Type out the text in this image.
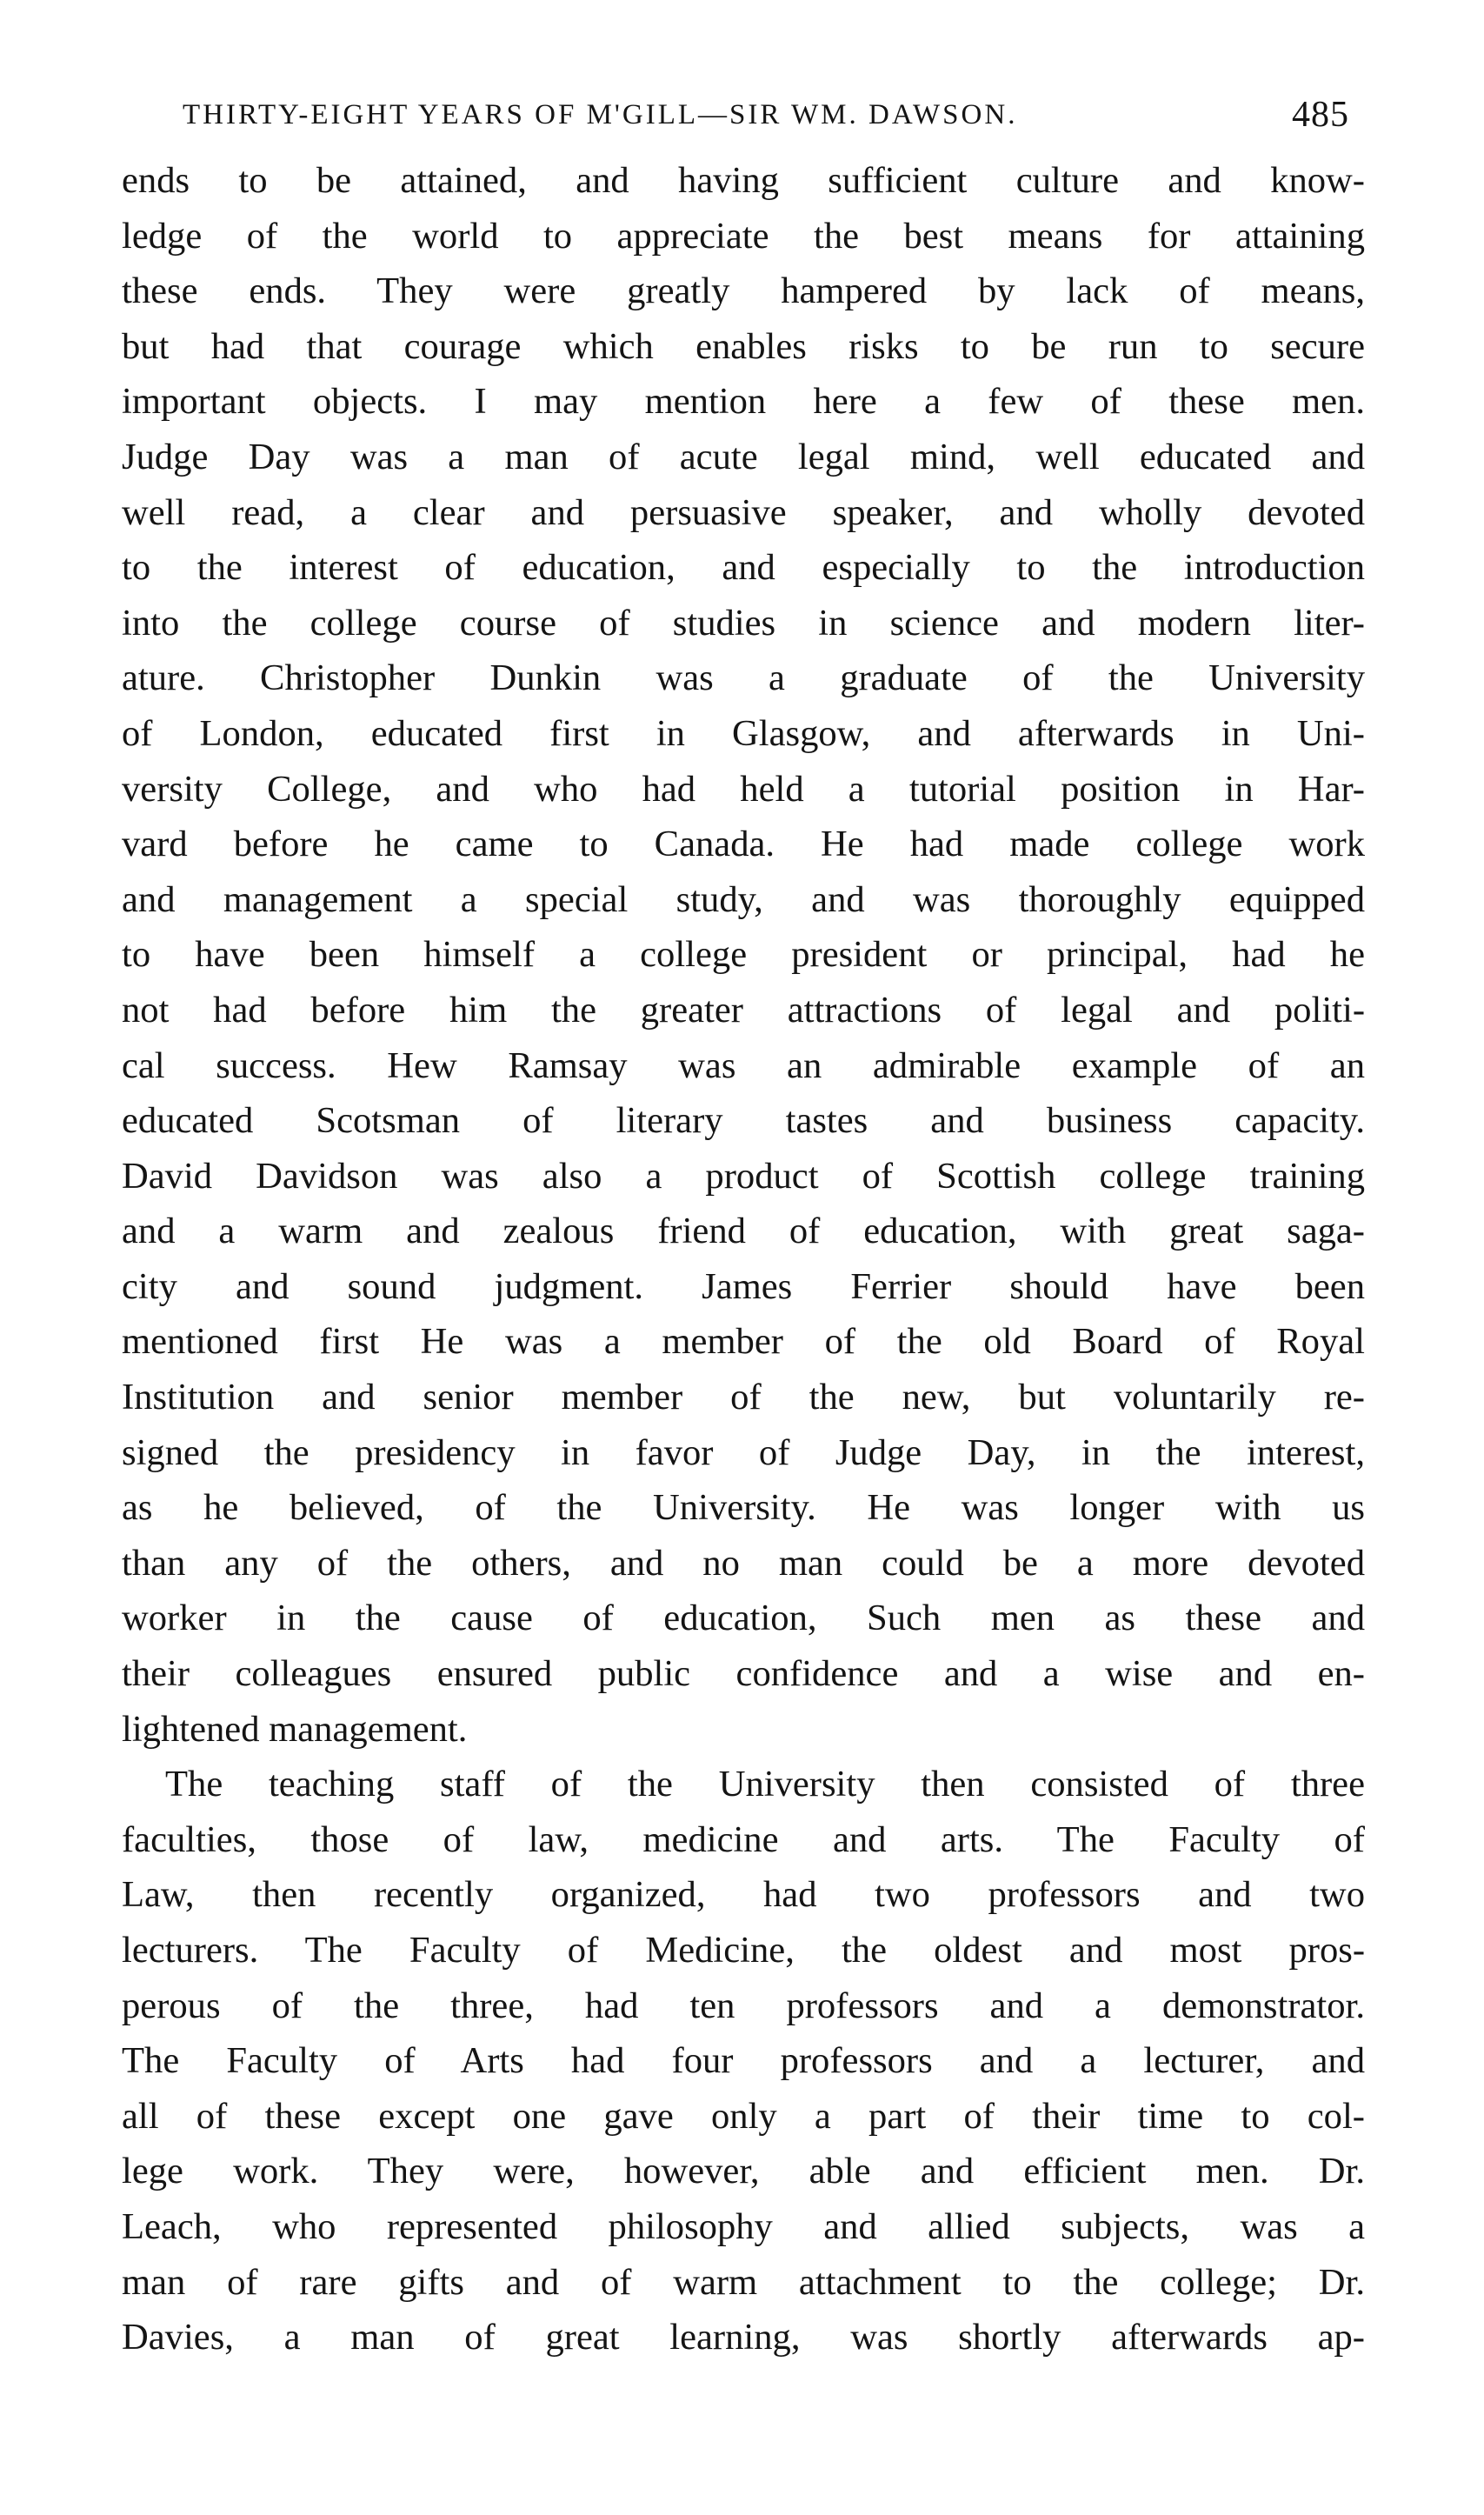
THIRTY-EIGHT YEARS OF M'GILL—SIR WM. DAWSON.	485
ends to be attained, and having sufficient culture and know-
ledge of the world to appreciate the best means for attaining
these ends. They were greatly hampered by lack of means,
but had that courage which enables risks to be run to secure
important objects. I may mention here a few of these men.
Judge Day was a man of acute legal mind, well educated and
well read, a clear and persuasive speaker, and wholly devoted
to the interest of education, and especially to the introduction
into the college course of studies in science and modern liter-
ature. Christopher Dunkin was a graduate of the University
of London, educated first in Glasgow, and afterwards in Uni-
versity College, and who had held a tutorial position in Har-
vard before he came to Canada. He had made college work
and management a special study, and was thoroughly equipped
to have been himself a college president or principal, had he
not had before him the greater attractions of legal and politi-
cal success. Hew Ramsay was an admirable example of an
educated Scotsman of literary tastes and business capacity.
David Davidson was also a product of Scottish college training
and a warm and zealous friend of education, with great saga-
city and sound judgment. James Ferrier should have been
mentioned first He was a member of the old Board of Royal
Institution and senior member of the new, but voluntarily re-
signed the presidency in favor of Judge Day, in the interest,
as he believed, of the University. He was longer with us
than any of the others, and no man could be a more devoted
worker in the cause of education, Such men as these and
their colleagues ensured public confidence and a wise and en-
lightened management.
The teaching staff of the University then consisted of three
faculties, those of law, medicine and arts. The Faculty of
Law, then recently organized, had two professors and two
lecturers. The Faculty of Medicine, the oldest and most pros-
perous of the three, had ten professors and a demonstrator.
The Faculty of Arts had four professors and a lecturer, and
all of these except one gave only a part of their time to col-
lege work. They were, however, able and efficient men. Dr.
Leach, who represented philosophy and allied subjects, was a
man of rare gifts and of warm attachment to the college; Dr.
Davies, a man of great learning, was shortly afterwards ap-
